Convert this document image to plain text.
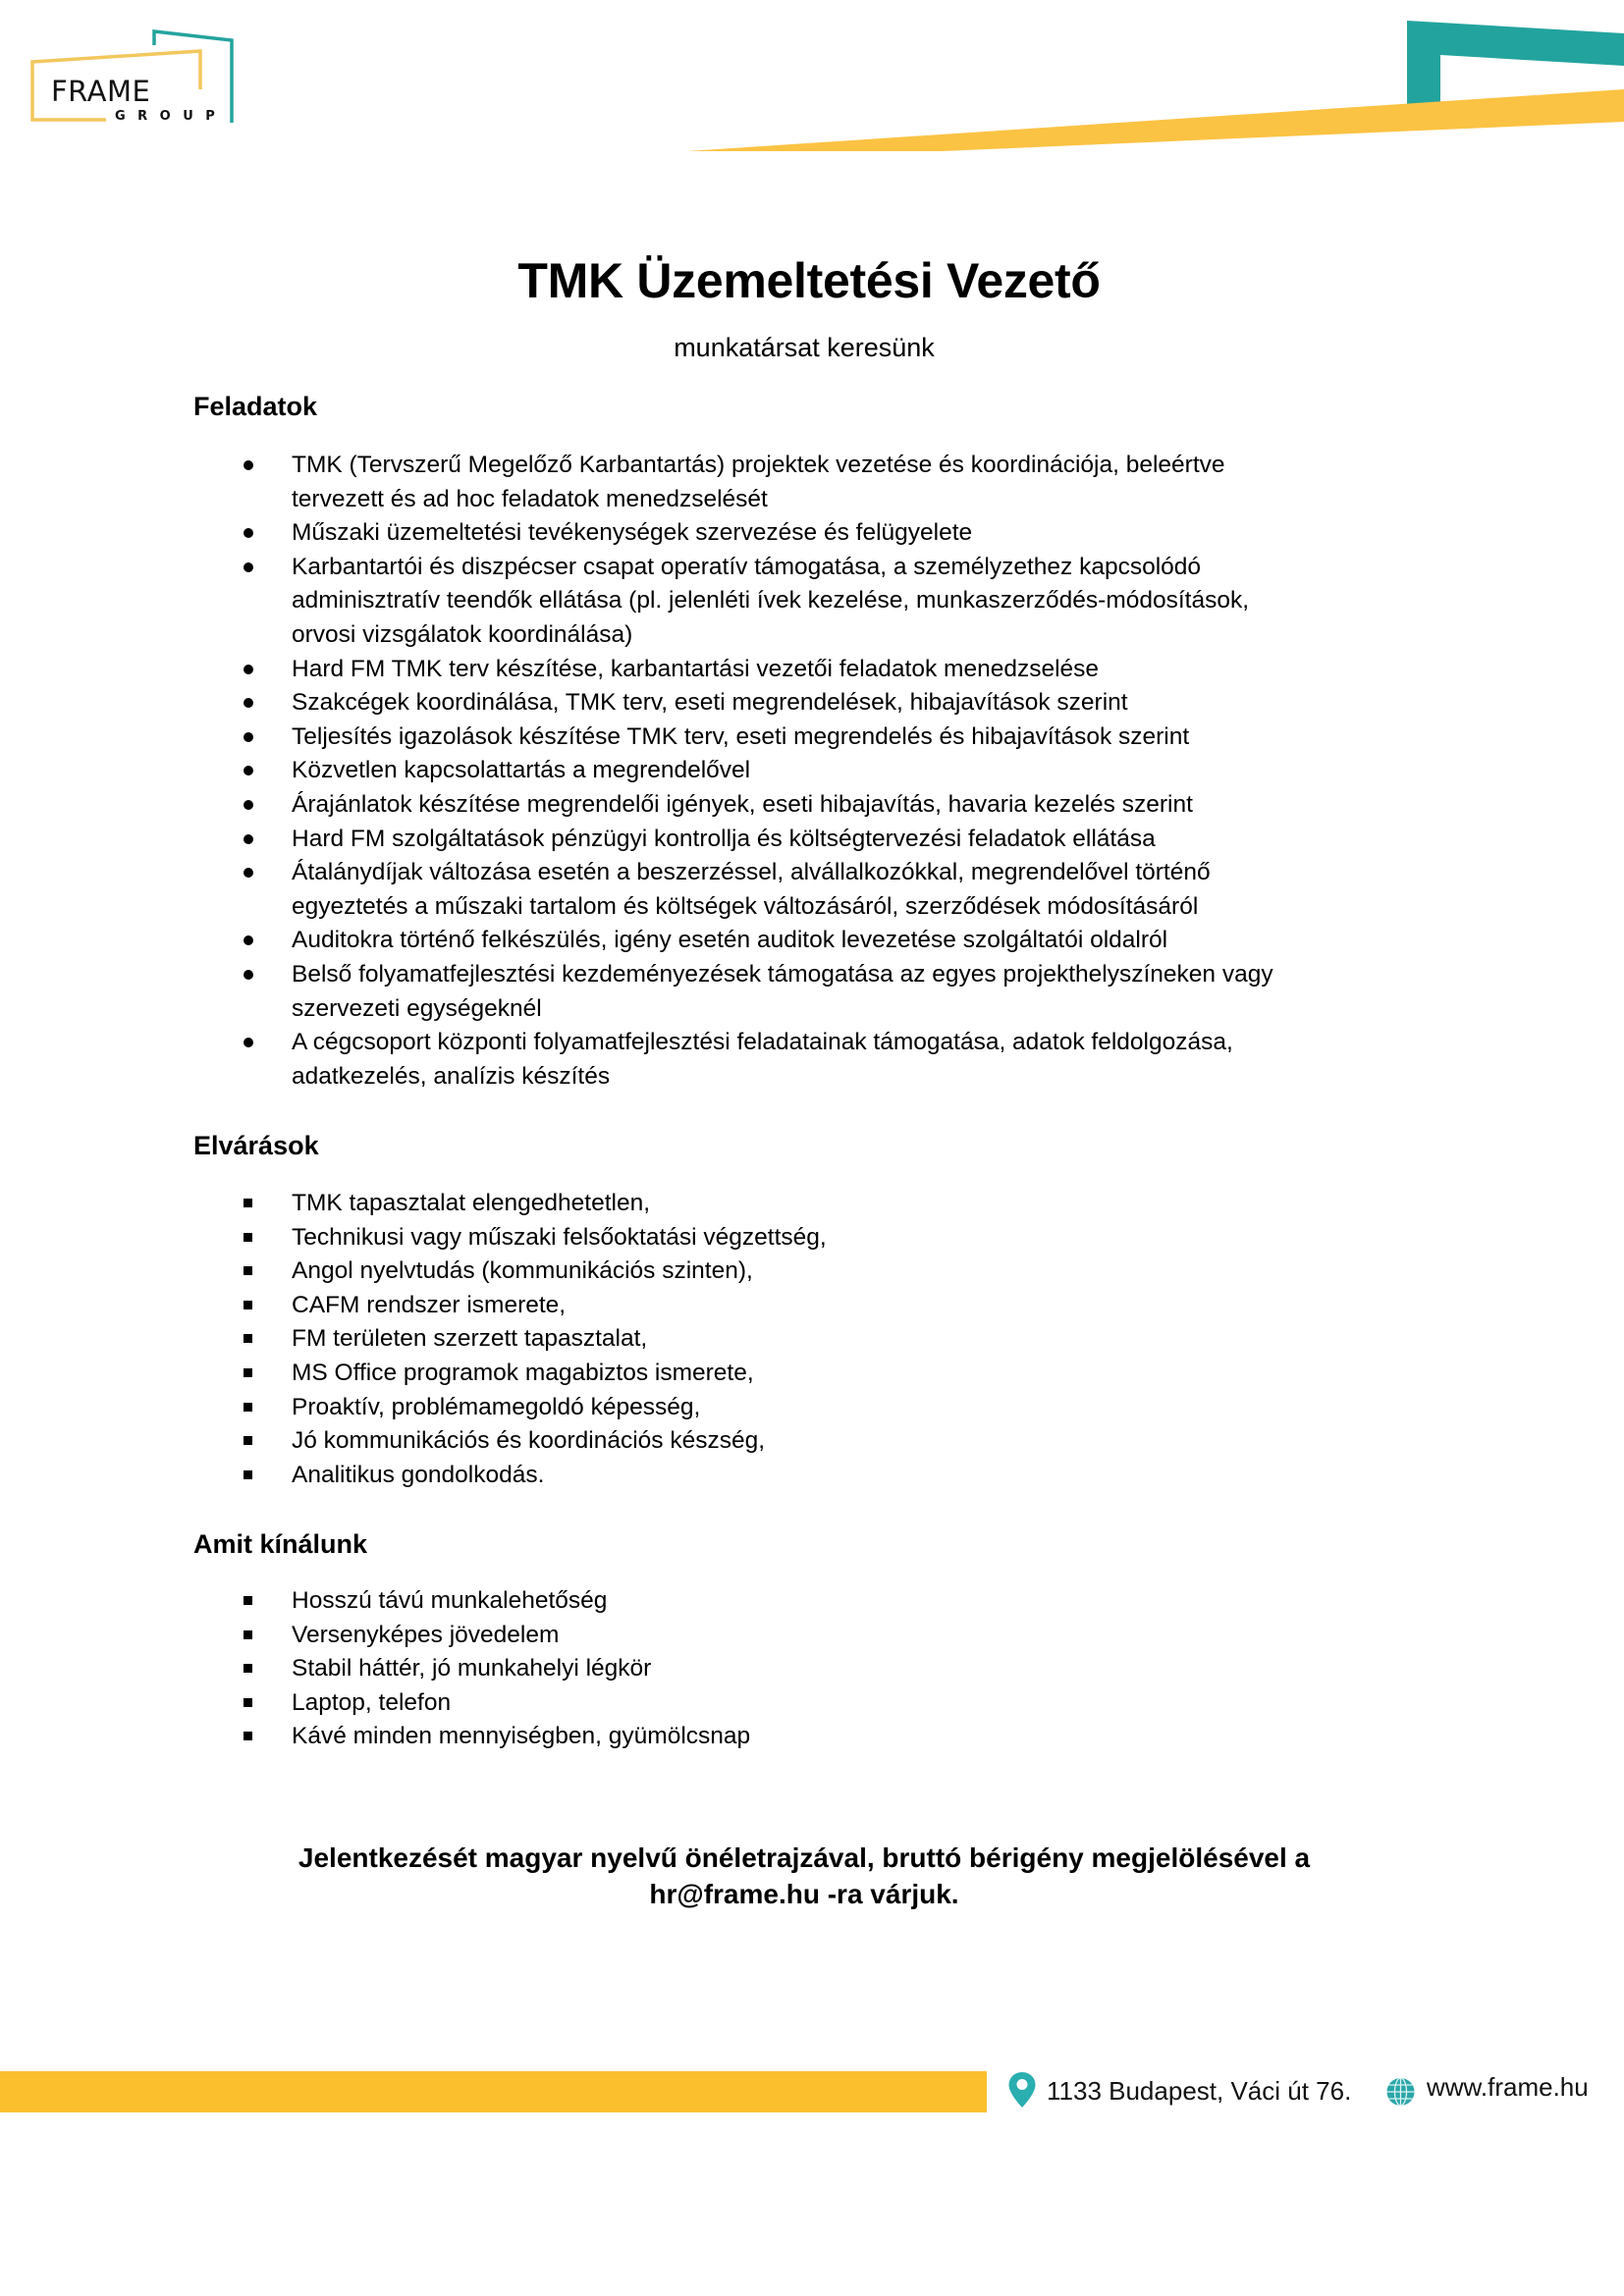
FRAME
GROUP
TMK Üzemeltetési Vezető
munkatársat keresünk
Feladatok
TMK (Tervszerű Megelőző Karbantartás) projektek vezetése és koordinációja, beleértve
tervezett és ad hoc feladatok menedzselését
Műszaki üzemeltetési tevékenységek szervezése és felügyelete
Karbantartói és diszpécser csapat operatív támogatása, a személyzethez kapcsolódó
adminisztratív teendők ellátása (pl. jelenléti ívek kezelése, munkaszerződés-módosítások,
orvosi vizsgálatok koordinálása)
Hard FM TMK terv készítése, karbantartási vezetői feladatok menedzselése
Szakcégek koordinálása, TMK terv, eseti megrendelések, hibajavítások szerint
Teljesítés igazolások készítése TMK terv, eseti megrendelés és hibajavítások szerint
Közvetlen kapcsolattartás a megrendelővel
Árajánlatok készítése megrendelői igények, eseti hibajavítás, havaria kezelés szerint
Hard FM szolgáltatások pénzügyi kontrollja és költségtervezési feladatok ellátása
Átalánydíjak változása esetén a beszerzéssel, alvállalkozókkal, megrendelővel történő
egyeztetés a műszaki tartalom és költségek változásáról, szerződések módosításáról
Auditokra történő felkészülés, igény esetén auditok levezetése szolgáltatói oldalról
Belső folyamatfejlesztési kezdeményezések támogatása az egyes projekthelyszíneken vagy
szervezeti egységeknél
A cégcsoport központi folyamatfejlesztési feladatainak támogatása, adatok feldolgozása,
adatkezelés, analízis készítés
Elvárások
TMK tapasztalat elengedhetetlen,
Technikusi vagy műszaki felsőoktatási végzettség,
Angol nyelvtudás (kommunikációs szinten),
CAFM rendszer ismerete,
FM területen szerzett tapasztalat,
MS Office programok magabiztos ismerete,
Proaktív, problémamegoldó képesség,
Jó kommunikációs és koordinációs készség,
Analitikus gondolkodás.
Amit kínálunk
Hosszú távú munkalehetőség
Versenyképes jövedelem
Stabil háttér, jó munkahelyi légkör
Laptop, telefon
Kávé minden mennyiségben, gyümölcsnap
Jelentkezését magyar nyelvű önéletrajzával, bruttó bérigény megjelölésével a
hr@frame.hu -ra várjuk.
1133 Budapest, Váci út 76.	www.frame.hu
